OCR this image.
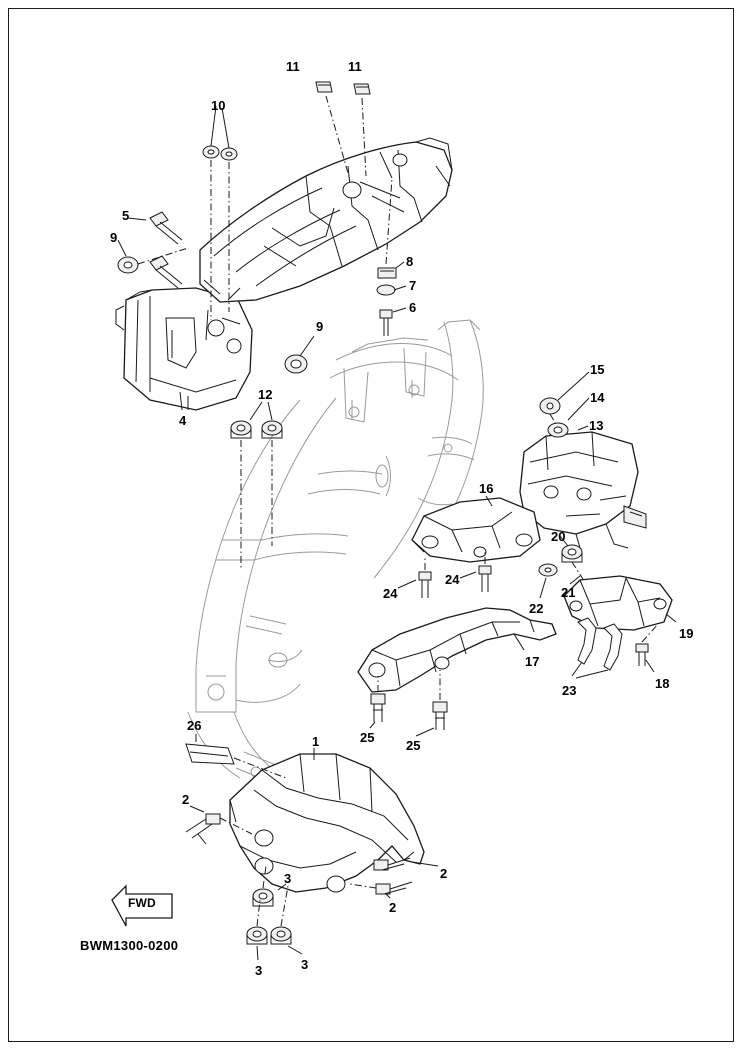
11	11
10
5
9
8
7
6
9
4
12
15
14
13
16
20
21
22
24
24
19
18
23
17
25
25
26
1
2
2
2
3
3	3
FWD
BWM1300-0200
